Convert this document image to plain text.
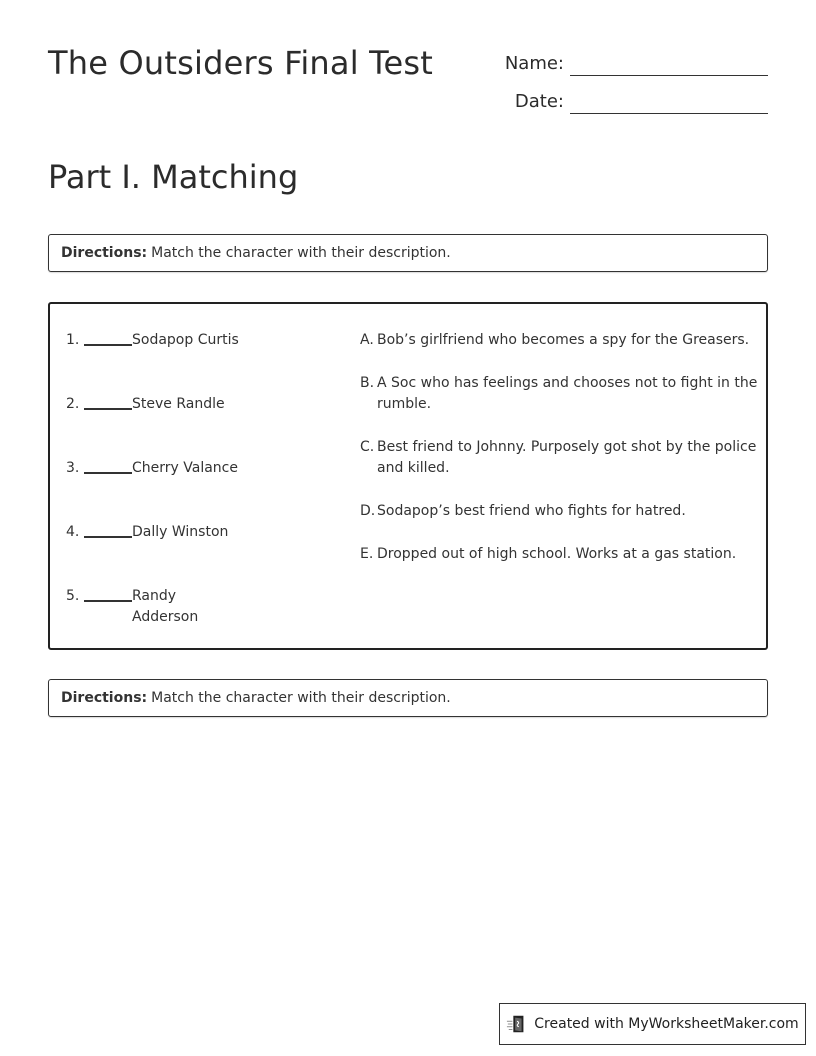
The Outsiders Final Test	Name:
Date:
Part I. Matching
Directions: Match the character with their description.
1.	Sodapop Curtis
2.	Steve Randle
3.	Cherry Valance
4.	Dally Winston
5.	Randy Adderson
A. Bob’s girlfriend who becomes a spy for the Greasers.
B. A Soc who has feelings and chooses not to fight in the rumble.
C. Best friend to Johnny. Purposely got shot by the police and killed.
D. Sodapop’s best friend who fights for hatred.
E. Dropped out of high school. Works at a gas station.
Directions: Match the character with their description.
Created with MyWorksheetMaker.com
